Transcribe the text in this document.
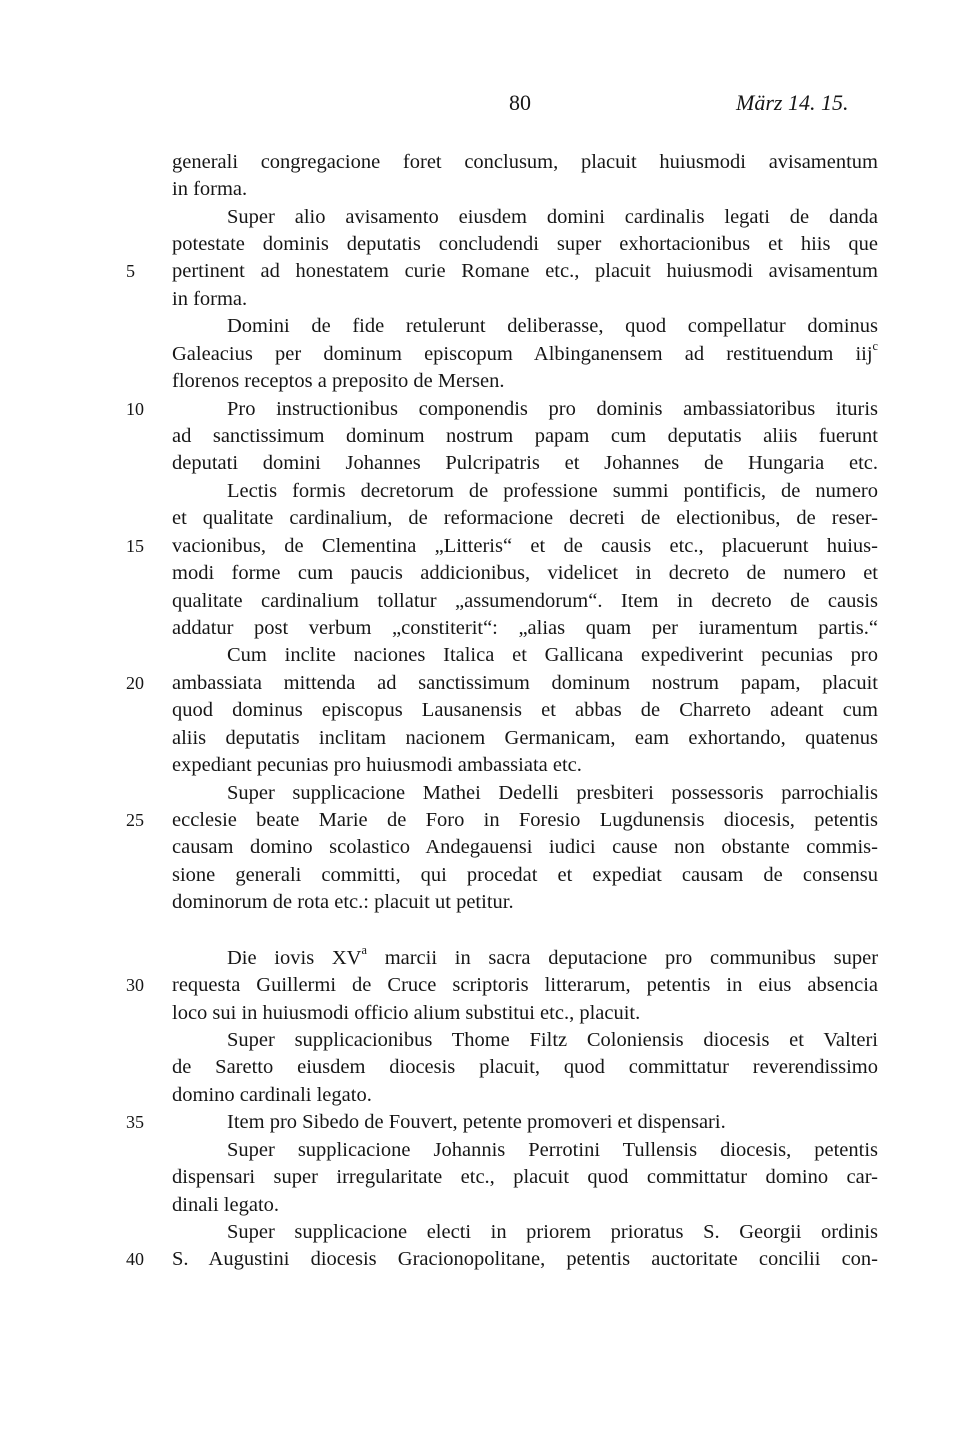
80	März 14. 15.
generali congregacione foret conclusum, placuit huiusmodi avisamentum
in forma.
Super alio avisamento eiusdem domini cardinalis legati de danda
potestate dominis deputatis concludendi super exhortacionibus et hiis que
pertinent ad honestatem curie Romane etc., placuit huiusmodi avisamentum
in forma.
Domini de fide retulerunt deliberasse, quod compellatur dominus
Galeacius per dominum episcopum Albinganensem ad restituendum iij$^c$
florenos receptos a preposito de Mersen.
Pro instructionibus componendis pro dominis ambassiatoribus ituris
ad sanctissimum dominum nostrum papam cum deputatis aliis fuerunt
deputati domini Johannes Pulcripatris et Johannes de Hungaria etc.
Lectis formis decretorum de professione summi pontificis, de numero
et qualitate cardinalium, de reformacione decreti de electionibus, de reser-
vacionibus, de Clementina „Litteris“ et de causis etc., placuerunt huius-
modi forme cum paucis addicionibus, videlicet in decreto de numero et
qualitate cardinalium tollatur „assumendorum“. Item in decreto de causis
addatur post verbum „constiterit“: „alias quam per iuramentum partis.“
Cum inclite naciones Italica et Gallicana expediverint pecunias pro
ambassiata mittenda ad sanctissimum dominum nostrum papam, placuit
quod dominus episcopus Lausanensis et abbas de Charreto adeant cum
aliis deputatis inclitam nacionem Germanicam, eam exhortando, quatenus
expediant pecunias pro huiusmodi ambassiata etc.
Super supplicacione Mathei Dedelli presbiteri possessoris parrochialis
ecclesie beate Marie de Foro in Foresio Lugdunensis diocesis, petentis
causam domino scolastico Andegauensi iudici cause non obstante commis-
sione generali committi, qui procedat et expediat causam de consensu
dominorum de rota etc.: placuit ut petitur.
Die iovis $XV^a$ marcii in sacra deputacione pro communibus super
requesta Guillermi de Cruce scriptoris litterarum, petentis in eius absencia
loco sui in huiusmodi officio alium substitui etc., placuit.
Super supplicacionibus Thome Filtz Coloniensis diocesis et Valteri
de Saretto eiusdem diocesis placuit, quod committatur reverendissimo
domino cardinali legato.
Item pro Sibedo de Fouvert, petente promoveri et dispensari.
Super supplicacione Johannis Perrotini Tullensis diocesis, petentis
dispensari super irregularitate etc., placuit quod committatur domino car-
dinali legato.
Super supplicacione electi in priorem prioratus S. Georgii ordinis
S. Augustini diocesis Gracionopolitane, petentis auctoritate concilii con-
5
10
15
20
25
30
35
40
